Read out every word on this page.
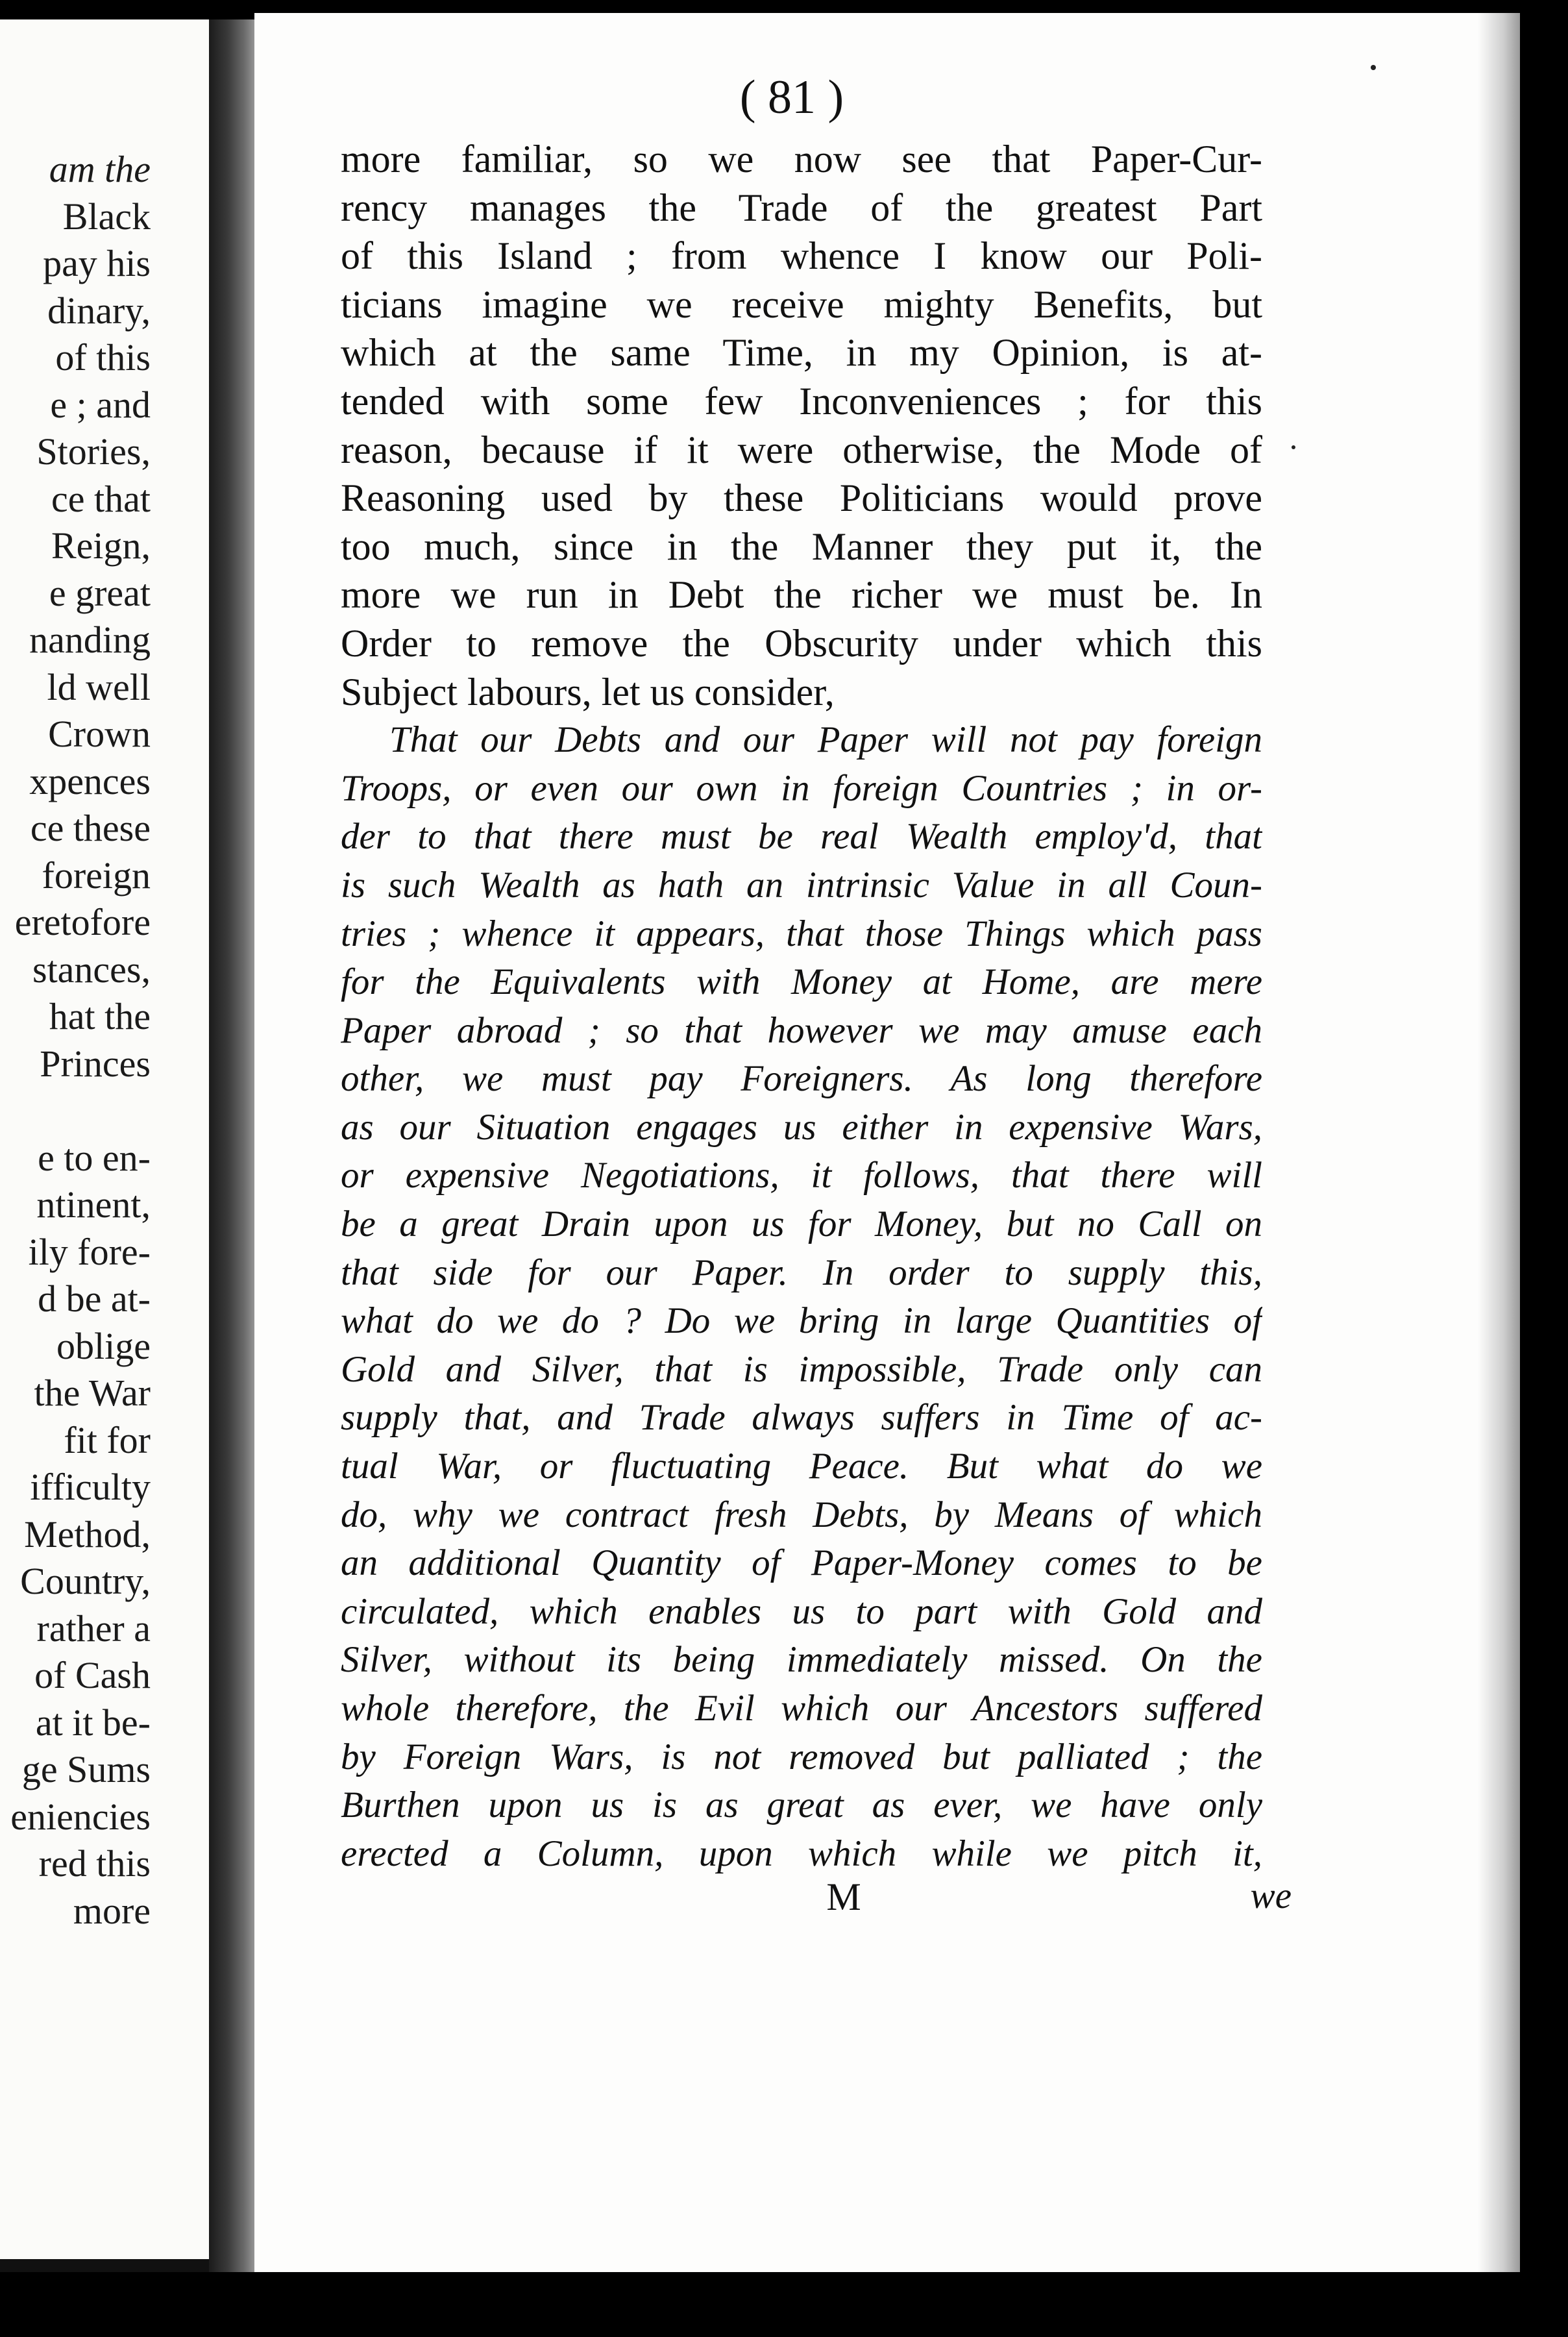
am the
Black
pay his
dinary,
of this
e ; and
Stories,
ce that
Reign,
e great
nanding
ld well
Crown
xpences
ce these
foreign
eretofore
stances,
hat the
Princes
e to en-
ntinent,
ily fore-
d be at-
oblige
the War
fit for
ifficulty
Method,
Country,
rather a
of Cash
at it be-
ge Sums
eniencies
red this
more
( 81 )
more familiar, so we now see that Paper-Cur-
rency manages the Trade of the greatest Part
of this Island ; from whence I know our Poli-
ticians imagine we receive mighty Benefits, but
which at the same Time, in my Opinion, is at-
tended with some few Inconveniences ; for this
reason, because if it were otherwise, the Mode of
Reasoning used by these Politicians would prove
too much, since in the Manner they put it, the
more we run in Debt the richer we must be. In
Order to remove the Obscurity under which this
Subject labours, let us consider,
That our Debts and our Paper will not pay foreign
Troops, or even our own in foreign Countries ; in or-
der to that there must be real Wealth employ'd, that
is such Wealth as hath an intrinsic Value in all Coun-
tries ; whence it appears, that those Things which pass
for the Equivalents with Money at Home, are mere
Paper abroad ; so that however we may amuse each
other, we must pay Foreigners. As long therefore
as our Situation engages us either in expensive Wars,
or expensive Negotiations, it follows, that there will
be a great Drain upon us for Money, but no Call on
that side for our Paper. In order to supply this,
what do we do ? Do we bring in large Quantities of
Gold and Silver, that is impossible, Trade only can
supply that, and Trade always suffers in Time of ac-
tual War, or fluctuating Peace. But what do we
do, why we contract fresh Debts, by Means of which
an additional Quantity of Paper-Money comes to be
circulated, which enables us to part with Gold and
Silver, without its being immediately missed. On the
whole therefore, the Evil which our Ancestors suffered
by Foreign Wars, is not removed but palliated ; the
Burthen upon us is as great as ever, we have only
erected a Column, upon which while we pitch it,
M	we
